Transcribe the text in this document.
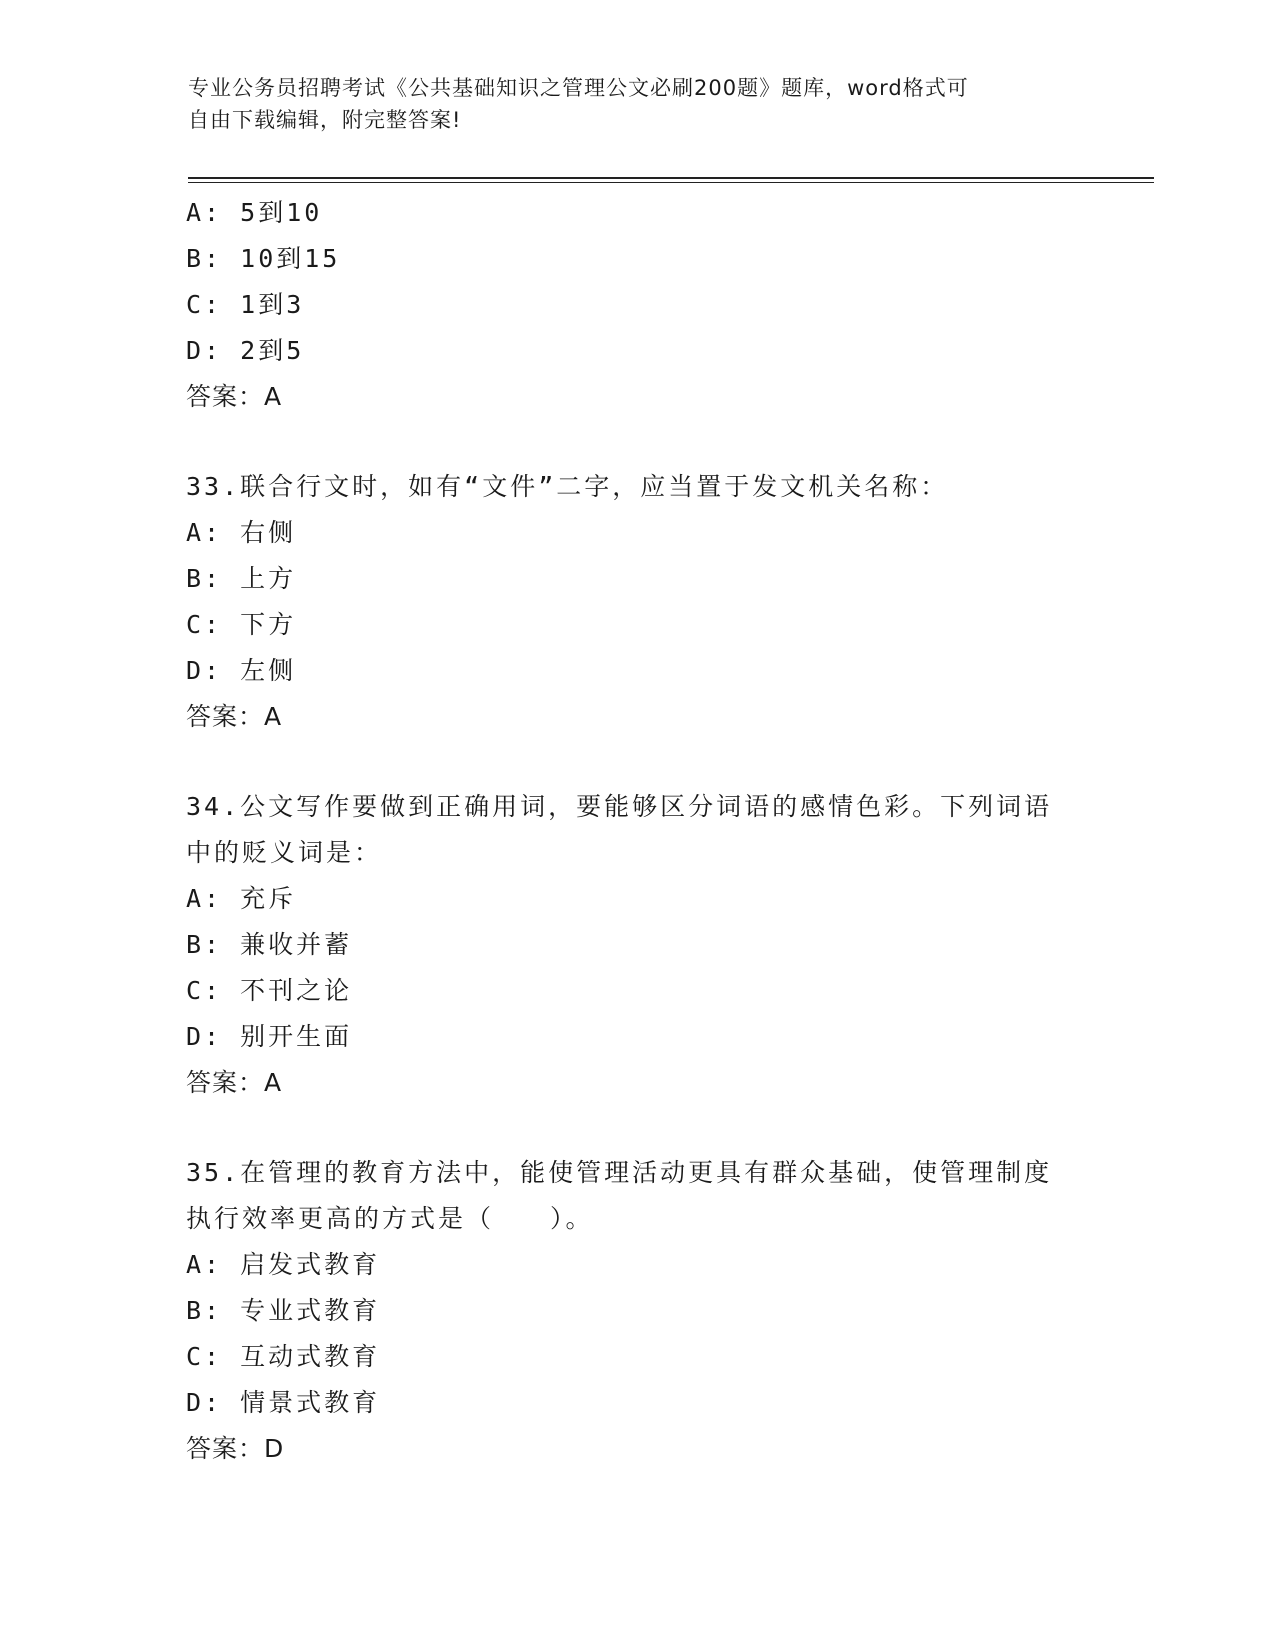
专业公务员招聘考试《公共基础知识之管理公文必刷200题》题库，word格式可
自由下载编辑，附完整答案!
A: 5到10
B: 10到15
C: 1到3
D: 2到5
答案：A
33.联合行文时，如有“文件”二字，应当置于发文机关名称：
A: 右侧
B: 上方
C: 下方
D: 左侧
答案：A
34.公文写作要做到正确用词，要能够区分词语的感情色彩。下列词语
中的贬义词是：
A: 充斥
B: 兼收并蓄
C: 不刊之论
D: 别开生面
答案：A
35.在管理的教育方法中，能使管理活动更具有群众基础，使管理制度
执行效率更高的方式是（　　）。
A: 启发式教育
B: 专业式教育
C: 互动式教育
D: 情景式教育
答案：D
